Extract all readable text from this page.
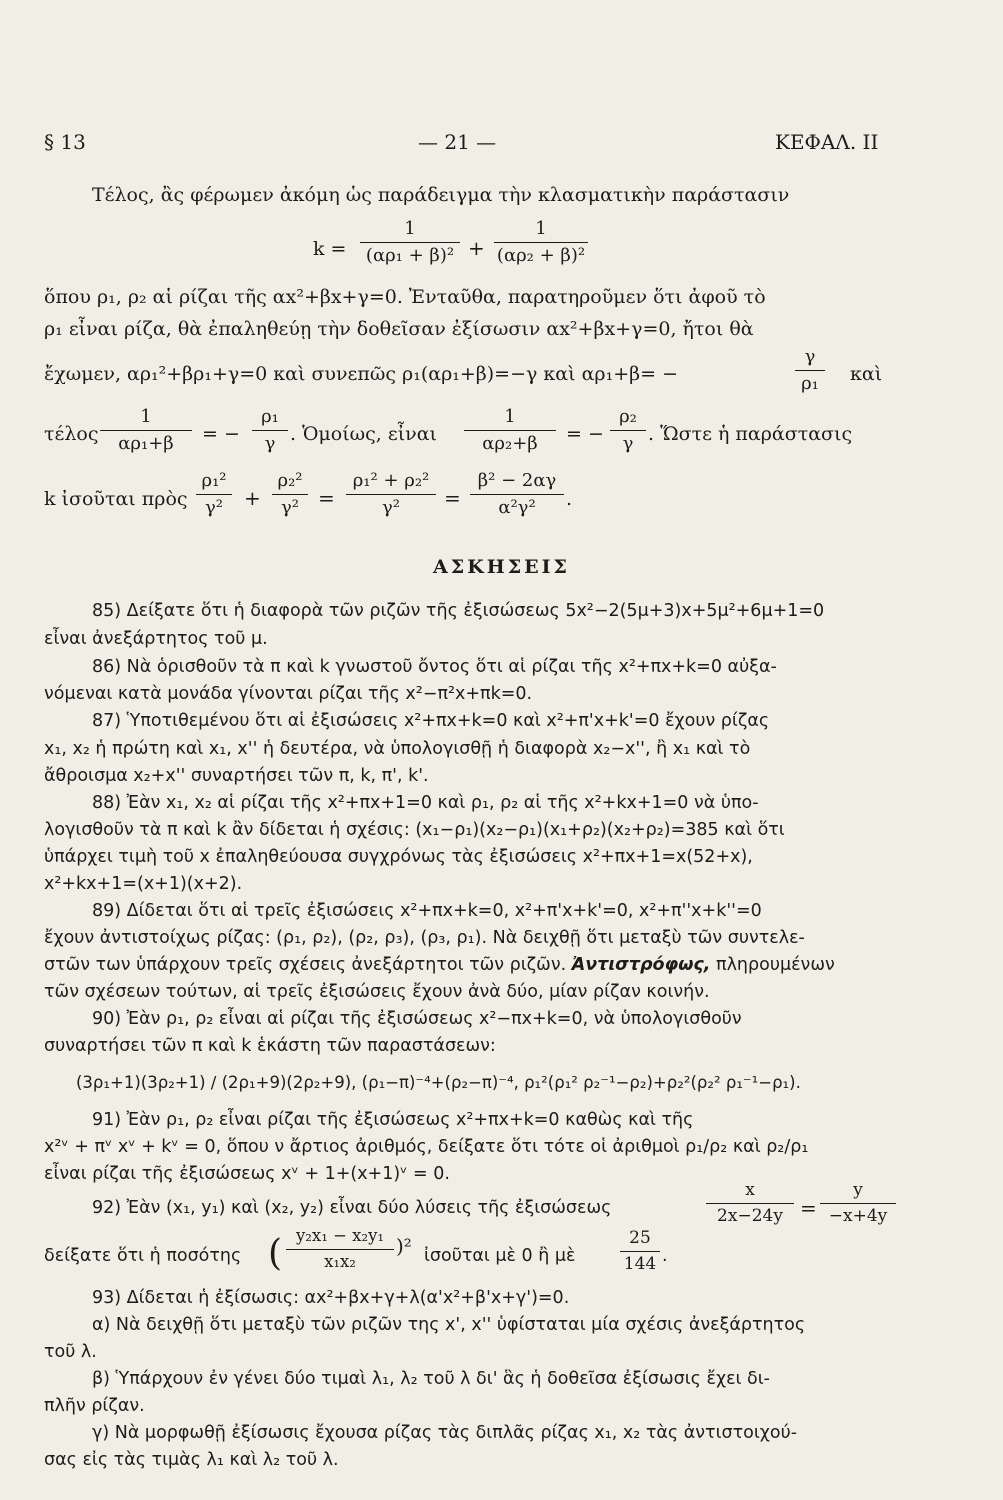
§ 13	— 21 —	ΚΕΦΑΛ. II
Τέλος, ἂς φέρωμεν ἀκόμη ὡς παράδειγμα τὴν κλασματικὴν παράστασιν
$k = \frac{1}{\text{(αρ₁ + β)²}} + \frac{1}{\text{(αρ₂ + β)²}}$
ὅπου ρ₁, ρ₂ αἱ ρίζαι τῆς αx²+βx+γ=0. Ἐνταῦθα, παρατηροῦμεν ὅτι ἀφοῦ τὸ
ρ₁ εἶναι ρίζα, θὰ ἐπαληθεύῃ τὴν δοθεῖσαν ἐξίσωσιν αx²+βx+γ=0, ἤτοι θὰ
ἔχωμεν, αρ₁²+βρ₁+γ=0 καὶ συνεπῶς ρ₁(αρ₁+β)=−γ καὶ αρ₁+β= −	$\frac{\gamma}{\text{ρ₁}}$ καὶ
τέλος $\frac{1}{\text{αρ₁+β}}$ = − $\frac{\text{ρ₁}}{\gamma}$ . Ὁμοίως, εἶναι $\frac{1}{\text{αρ₂+β}}$ = − $\frac{\text{ρ₂}}{\gamma}$ . Ὥστε ἡ παράστασις
k ἰσοῦται πρὸς $\frac{\text{ρ₁²}}{\text{γ²}} + \frac{\text{ρ₂²}}{\text{γ²}} = \frac{\text{ρ₁² + ρ₂²}}{\text{γ²}} = \frac{\text{β² − 2αγ}}{\text{α²γ²}}$ .
ΑΣΚΗΣΕΙΣ
85) Δείξατε ὅτι ἡ διαφορὰ τῶν ριζῶν τῆς ἐξισώσεως 5x²−2(5μ+3)x+5μ²+6μ+1=0
εἶναι ἀνεξάρτητος τοῦ μ.
86) Νὰ ὁρισθοῦν τὰ π καὶ k γνωστοῦ ὄντος ὅτι αἱ ρίζαι τῆς x²+πx+k=0 αὐξα-
νόμεναι κατὰ μονάδα γίνονται ρίζαι τῆς x²−π²x+πk=0.
87) Ὑποτιθεμένου ὅτι αἱ ἐξισώσεις x²+πx+k=0 καὶ x²+π'x+k'=0 ἔχουν ρίζας
x₁, x₂ ἡ πρώτη καὶ x₁, x'' ἡ δευτέρα, νὰ ὑπολογισθῇ ἡ διαφορὰ x₂−x'', ἢ x₁ καὶ τὸ
ἄθροισμα x₂+x'' συναρτήσει τῶν π, k, π', k'.
88) Ἐὰν x₁, x₂ αἱ ρίζαι τῆς x²+πx+1=0 καὶ ρ₁, ρ₂ αἱ τῆς x²+kx+1=0 νὰ ὑπο-
λογισθοῦν τὰ π καὶ k ἂν δίδεται ἡ σχέσις: (x₁−ρ₁)(x₂−ρ₁)(x₁+ρ₂)(x₂+ρ₂)=385 καὶ ὅτι
ὑπάρχει τιμὴ τοῦ x ἐπαληθεύουσα συγχρόνως τὰς ἐξισώσεις x²+πx+1=x(52+x),
x²+kx+1=(x+1)(x+2).
89) Δίδεται ὅτι αἱ τρεῖς ἐξισώσεις x²+πx+k=0, x²+π'x+k'=0, x²+π''x+k''=0
ἔχουν ἀντιστοίχως ρίζας: (ρ₁, ρ₂), (ρ₂, ρ₃), (ρ₃, ρ₁). Νὰ δειχθῇ ὅτι μεταξὺ τῶν συντελε-
στῶν των ὑπάρχουν τρεῖς σχέσεις ἀνεξάρτητοι τῶν ριζῶν. Ἀντιστρόφως, πληρουμένων
τῶν σχέσεων τούτων, αἱ τρεῖς ἐξισώσεις ἔχουν ἀνὰ δύο, μίαν ρίζαν κοινήν.
90) Ἐὰν ρ₁, ρ₂ εἶναι αἱ ρίζαι τῆς ἐξισώσεως x²−πx+k=0, νὰ ὑπολογισθοῦν
συναρτήσει τῶν π καὶ k ἑκάστη τῶν παραστάσεων:
(3ρ₁+1)(3ρ₂+1) ∕ (2ρ₁+9)(2ρ₂+9), (ρ₁−π)⁻⁴+(ρ₂−π)⁻⁴, ρ₁²(ρ₁² ρ₂⁻¹−ρ₂)+ρ₂²(ρ₂² ρ₁⁻¹−ρ₁).
91) Ἐὰν ρ₁, ρ₂ εἶναι ρίζαι τῆς ἐξισώσεως x²+πx+k=0 καθὼς καὶ τῆς
x²ᵛ + πᵛ xᵛ + kᵛ = 0, ὅπου ν ἄρτιος ἀριθμός, δείξατε ὅτι τότε οἱ ἀριθμοὶ ρ₁/ρ₂ καὶ ρ₂/ρ₁
εἶναι ρίζαι τῆς ἐξισώσεως xᵛ + 1+(x+1)ᵛ = 0.
92) Ἐὰν (x₁, y₁) καὶ (x₂, y₂) εἶναι δύο λύσεις τῆς ἐξισώσεως	$\frac{x}{2x-24y} = \frac{y}{-x+4y}$
δείξατε ὅτι ἡ ποσότης ( $\frac{\text{y₂x₁ − x₂y₁}}{\text{x₁x₂}} )^2$ ἰσοῦται μὲ 0 ἢ μὲ	$\frac{25}{144}$ .
93) Δίδεται ἡ ἐξίσωσις: αx²+βx+γ+λ(α'x²+β'x+γ')=0.
α) Νὰ δειχθῇ ὅτι μεταξὺ τῶν ριζῶν της x', x'' ὑφίσταται μία σχέσις ἀνεξάρτητος
τοῦ λ.
β) Ὑπάρχουν ἐν γένει δύο τιμαὶ λ₁, λ₂ τοῦ λ δι' ἃς ἡ δοθεῖσα ἐξίσωσις ἔχει δι-
πλῆν ρίζαν.
γ) Νὰ μορφωθῇ ἐξίσωσις ἔχουσα ρίζας τὰς διπλᾶς ρίζας x₁, x₂ τὰς ἀντιστοιχού-
σας εἰς τὰς τιμὰς λ₁ καὶ λ₂ τοῦ λ.
